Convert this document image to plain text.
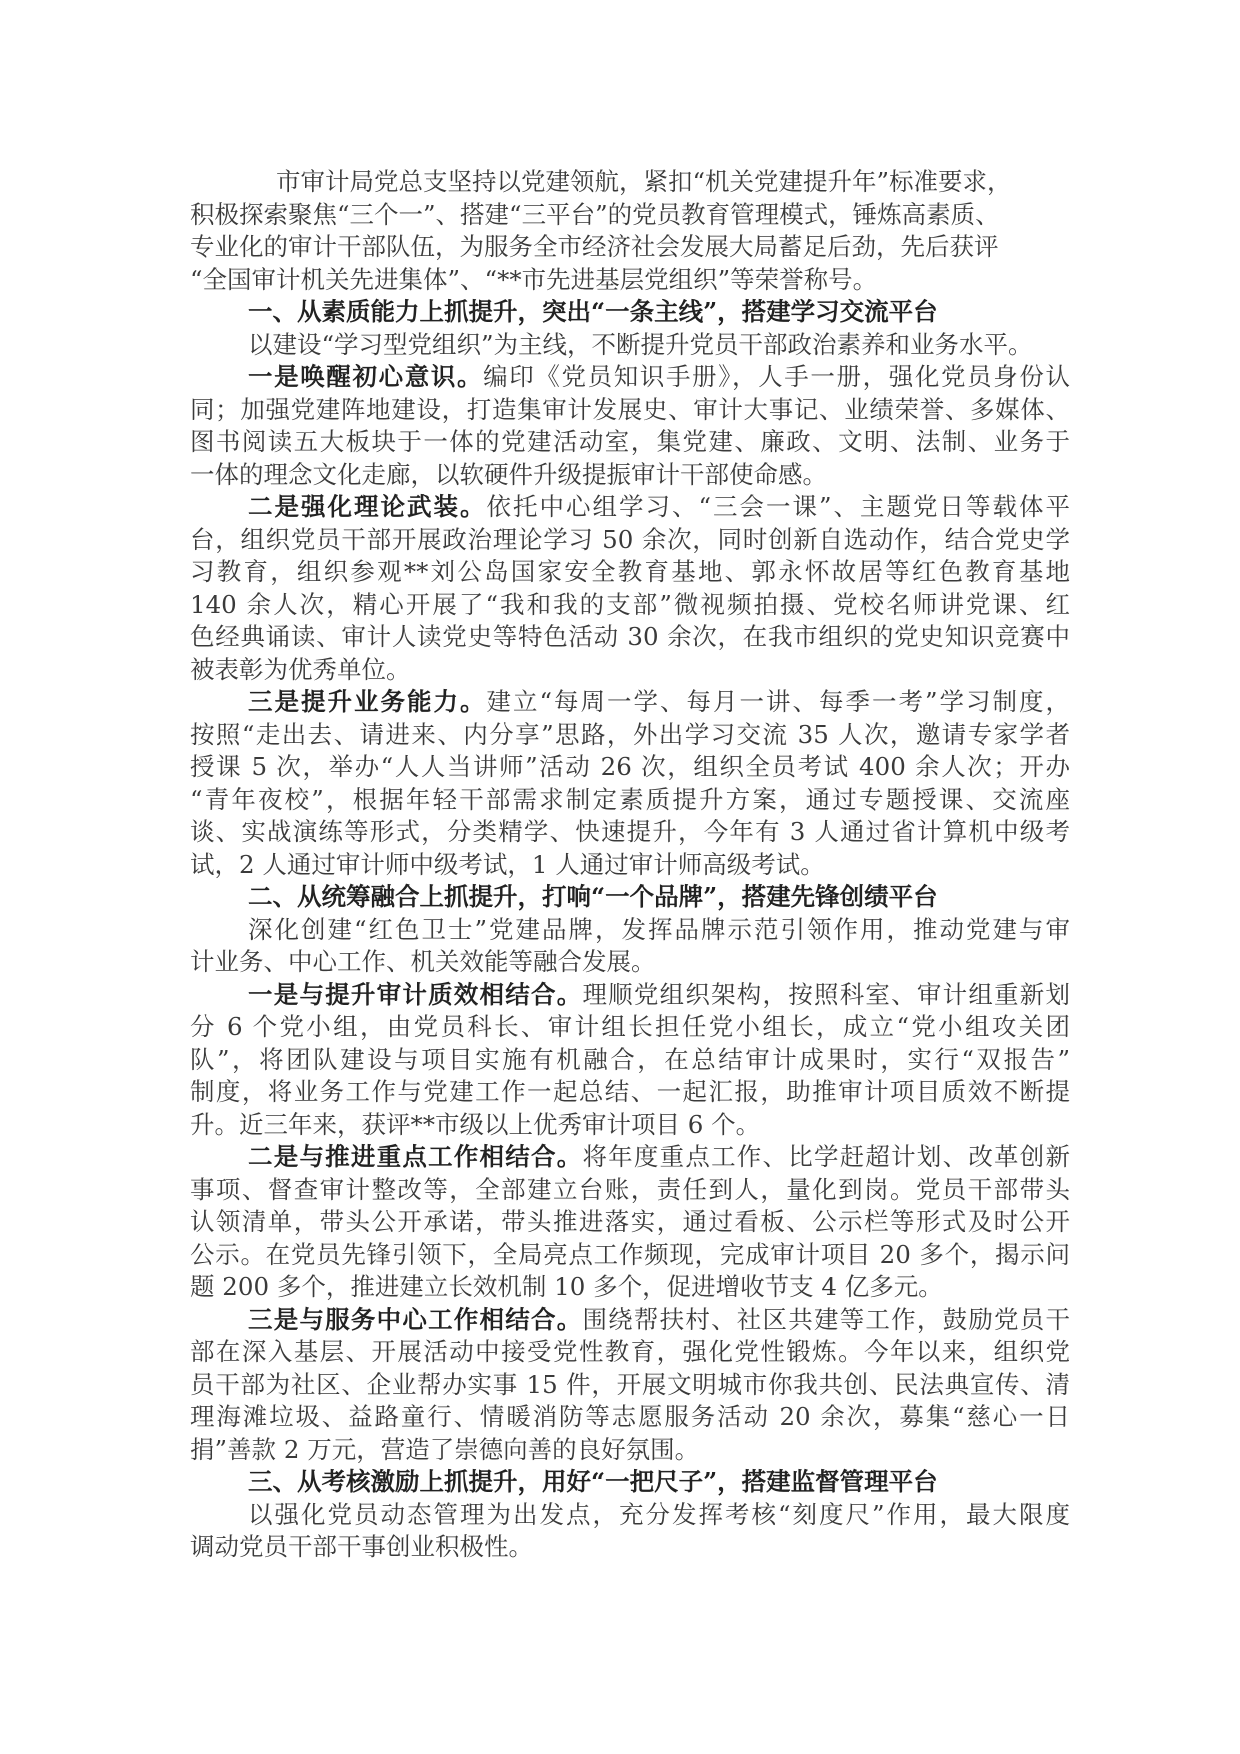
市审计局党总支坚持以党建领航，紧扣“机关党建提升年”标准要求，
积极探索聚焦“三个一”、搭建“三平台”的党员教育管理模式，锤炼高素质、
专业化的审计干部队伍，为服务全市经济社会发展大局蓄足后劲，先后获评
“全国审计机关先进集体”、“**市先进基层党组织”等荣誉称号。
一、从素质能力上抓提升，突出“一条主线”，搭建学习交流平台
以建设“学习型党组织”为主线，不断提升党员干部政治素养和业务水平。
一是唤醒初心意识。编印《党员知识手册》，人手一册，强化党员身份认
同；加强党建阵地建设，打造集审计发展史、审计大事记、业绩荣誉、多媒体、
图书阅读五大板块于一体的党建活动室，集党建、廉政、文明、法制、业务于
一体的理念文化走廊，以软硬件升级提振审计干部使命感。
二是强化理论武装。依托中心组学习、“三会一课”、主题党日等载体平
台，组织党员干部开展政治理论学习 50 余次，同时创新自选动作，结合党史学
习教育，组织参观**刘公岛国家安全教育基地、郭永怀故居等红色教育基地
140 余人次，精心开展了“我和我的支部”微视频拍摄、党校名师讲党课、红
色经典诵读、审计人读党史等特色活动 30 余次，在我市组织的党史知识竞赛中
被表彰为优秀单位。
三是提升业务能力。建立“每周一学、每月一讲、每季一考”学习制度，
按照“走出去、请进来、内分享”思路，外出学习交流 35 人次，邀请专家学者
授课 5 次，举办“人人当讲师”活动 26 次，组织全员考试 400 余人次；开办
“青年夜校”，根据年轻干部需求制定素质提升方案，通过专题授课、交流座
谈、实战演练等形式，分类精学、快速提升，今年有 3 人通过省计算机中级考
试，2 人通过审计师中级考试，1 人通过审计师高级考试。
二、从统筹融合上抓提升，打响“一个品牌”，搭建先锋创绩平台
深化创建“红色卫士”党建品牌，发挥品牌示范引领作用，推动党建与审
计业务、中心工作、机关效能等融合发展。
一是与提升审计质效相结合。理顺党组织架构，按照科室、审计组重新划
分 6 个党小组，由党员科长、审计组长担任党小组长，成立“党小组攻关团
队”，将团队建设与项目实施有机融合，在总结审计成果时，实行“双报告”
制度，将业务工作与党建工作一起总结、一起汇报，助推审计项目质效不断提
升。近三年来，获评**市级以上优秀审计项目 6 个。
二是与推进重点工作相结合。将年度重点工作、比学赶超计划、改革创新
事项、督查审计整改等，全部建立台账，责任到人，量化到岗。党员干部带头
认领清单，带头公开承诺，带头推进落实，通过看板、公示栏等形式及时公开
公示。在党员先锋引领下，全局亮点工作频现，完成审计项目 20 多个，揭示问
题 200 多个，推进建立长效机制 10 多个，促进增收节支 4 亿多元。
三是与服务中心工作相结合。围绕帮扶村、社区共建等工作，鼓励党员干
部在深入基层、开展活动中接受党性教育，强化党性锻炼。今年以来，组织党
员干部为社区、企业帮办实事 15 件，开展文明城市你我共创、民法典宣传、清
理海滩垃圾、益路童行、情暖消防等志愿服务活动 20 余次，募集“慈心一日
捐”善款 2 万元，营造了崇德向善的良好氛围。
三、从考核激励上抓提升，用好“一把尺子”，搭建监督管理平台
以强化党员动态管理为出发点，充分发挥考核“刻度尺”作用，最大限度
调动党员干部干事创业积极性。
